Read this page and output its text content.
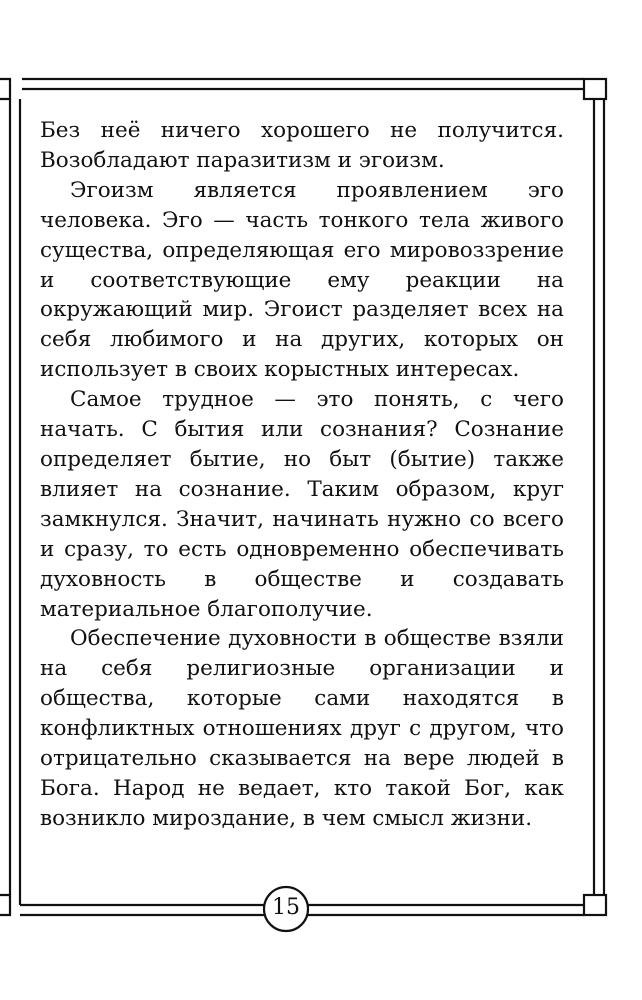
Без неё ничего хорошего не получится. Возобладают паразитизм и эгоизм.

Эгоизм является проявлением эго человека. Эго — часть тонкого тела живого существа, определяющая его мировоззрение и соответствующие ему реакции на окружающий мир. Эгоист разделяет всех на себя любимого и на других, которых он использует в своих корыстных интересах.

Самое трудное — это понять, с чего начать. С бытия или сознания? Сознание определяет бытие, но быт (бытие) также влияет на сознание. Таким образом, круг замкнулся. Значит, начинать нужно со всего и сразу, то есть одновременно обеспечивать духовность в обществе и создавать материальное благополучие.

Обеспечение духовности в обществе взяли на себя религиозные организации и общества, которые сами находятся в конфликтных отношениях друг с другом, что отрицательно сказывается на вере людей в Бога. Народ не ведает, кто такой Бог, как возникло мироздание, в чем смысл жизни.

15
